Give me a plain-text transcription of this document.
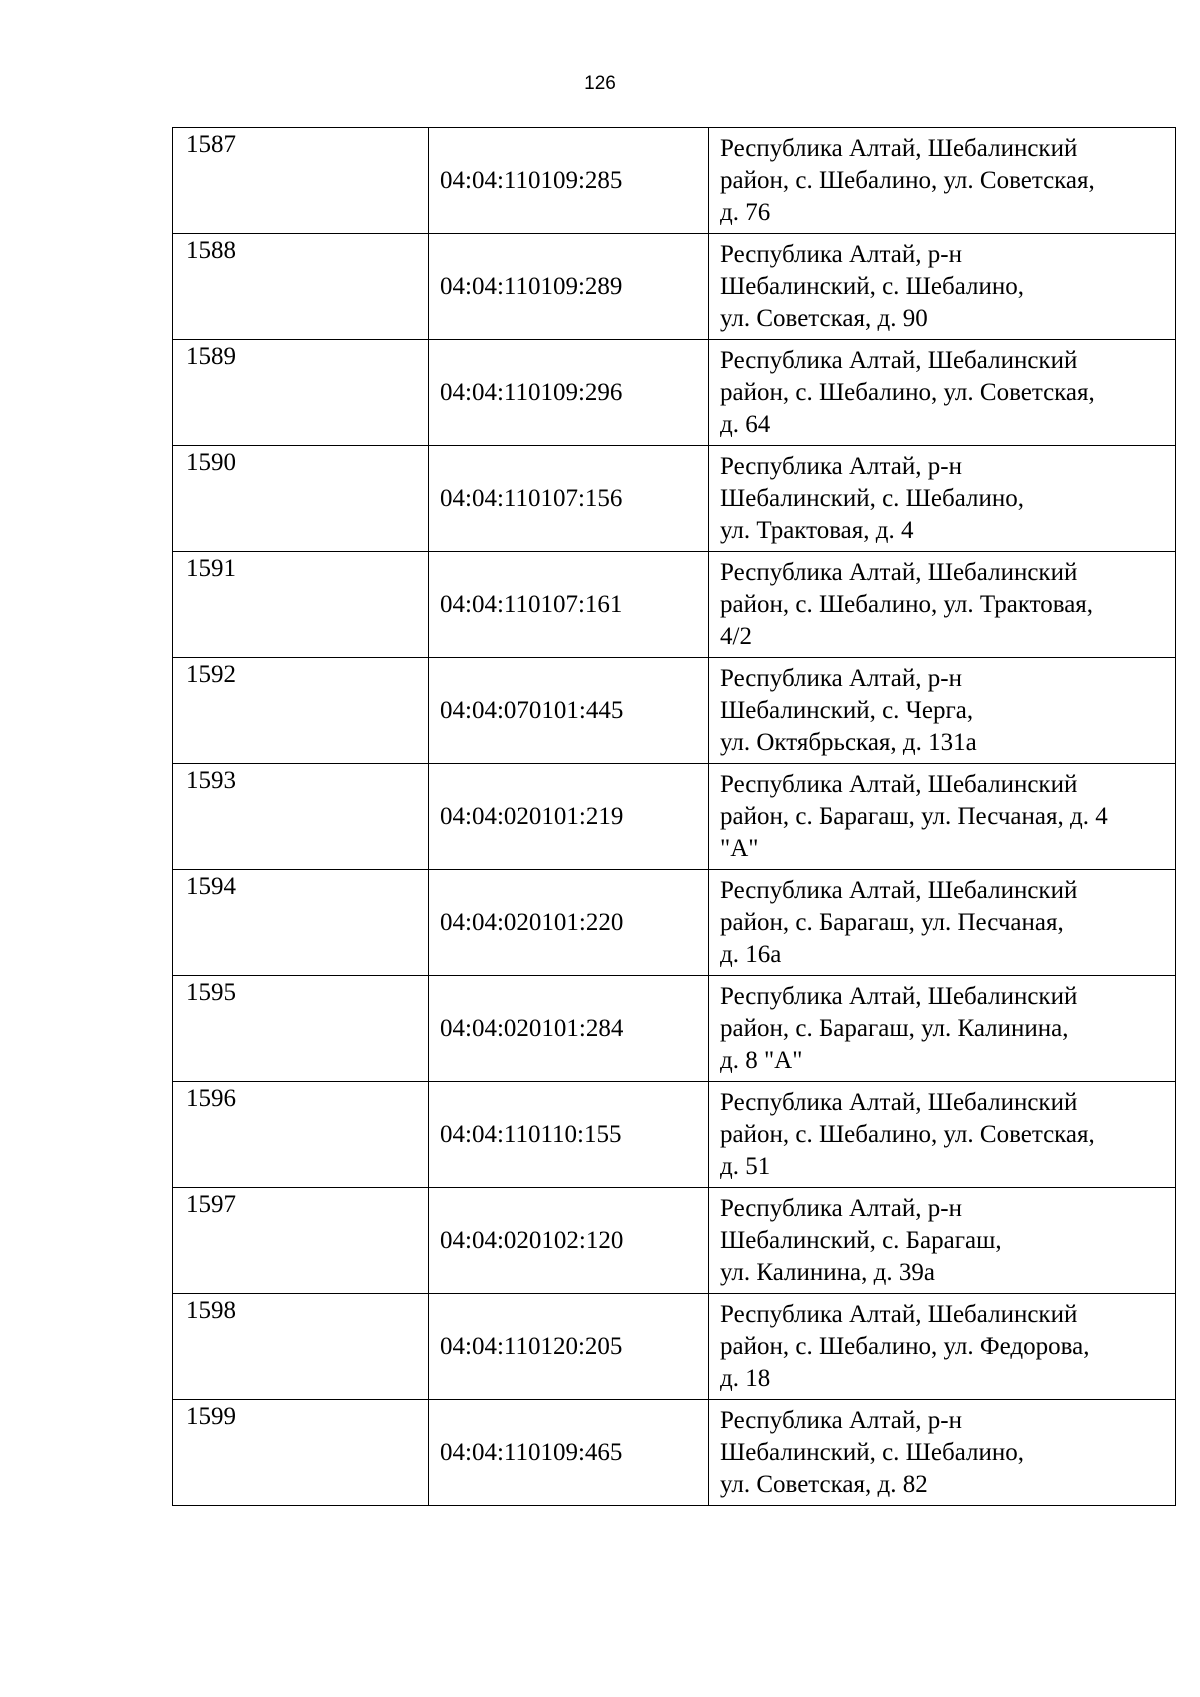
126
1587	04:04:110109:285	Республика Алтай, Шебалинский
район, с. Шебалино, ул. Советская,
д. 76

1588	04:04:110109:289	Республика Алтай, р-н
Шебалинский, с. Шебалино,
ул. Советская, д. 90

1589	04:04:110109:296	Республика Алтай, Шебалинский
район, с. Шебалино, ул. Советская,
д. 64

1590	04:04:110107:156	Республика Алтай, р-н
Шебалинский, с. Шебалино,
ул. Трактовая, д. 4

1591	04:04:110107:161	Республика Алтай, Шебалинский
район, с. Шебалино, ул. Трактовая,
4/2

1592	04:04:070101:445	Республика Алтай, р-н
Шебалинский, с. Черга,
ул. Октябрьская, д. 131а

1593	04:04:020101:219	Республика Алтай, Шебалинский
район, с. Барагаш, ул. Песчаная, д. 4
"А"

1594	04:04:020101:220	Республика Алтай, Шебалинский
район, с. Барагаш, ул. Песчаная,
д. 16а

1595	04:04:020101:284	Республика Алтай, Шебалинский
район, с. Барагаш, ул. Калинина,
д. 8 "А"

1596	04:04:110110:155	Республика Алтай, Шебалинский
район, с. Шебалино, ул. Советская,
д. 51

1597	04:04:020102:120	Республика Алтай, р-н
Шебалинский, с. Барагаш,
ул. Калинина, д. 39а

1598	04:04:110120:205	Республика Алтай, Шебалинский
район, с. Шебалино, ул. Федорова,
д. 18

1599	04:04:110109:465	Республика Алтай, р-н
Шебалинский, с. Шебалино,
ул. Советская, д. 82
